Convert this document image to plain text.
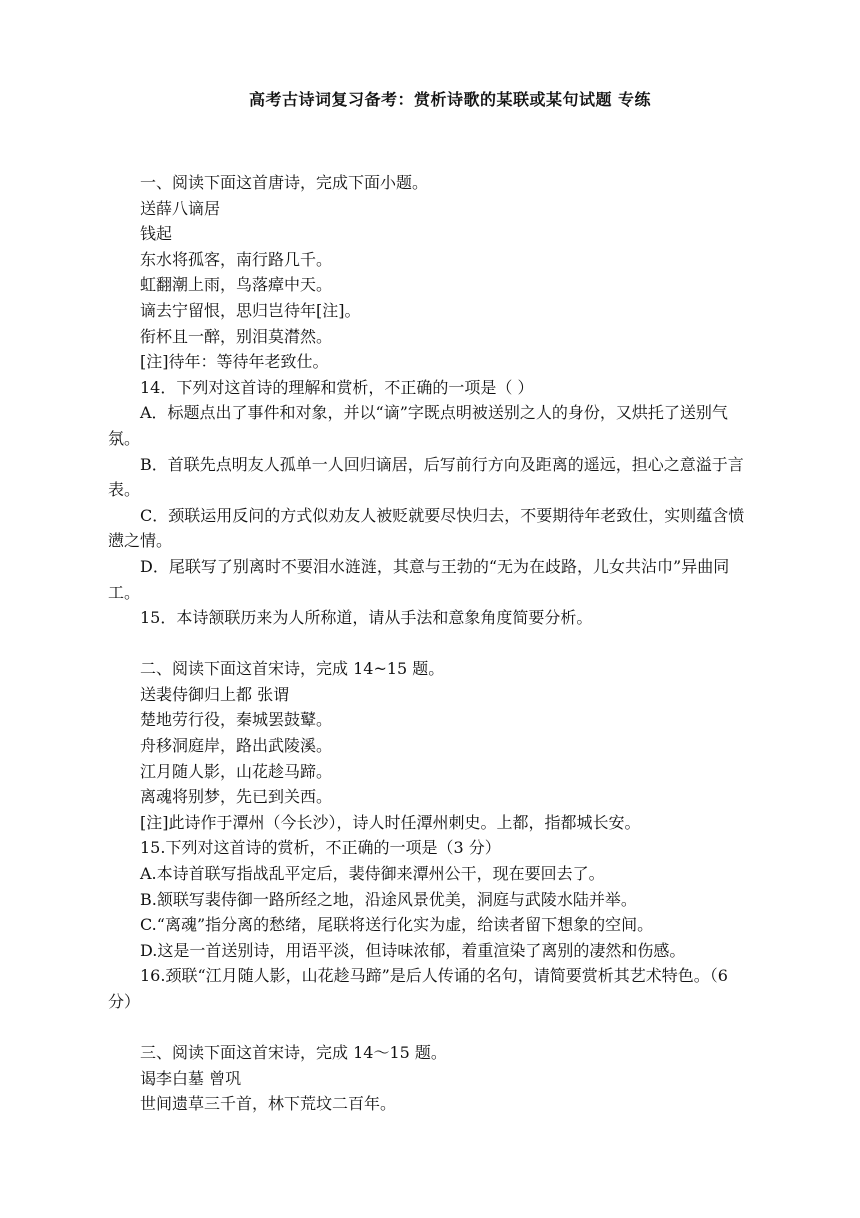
高考古诗词复习备考：赏析诗歌的某联或某句试题 专练

一、阅读下面这首唐诗，完成下面小题。

送薛八谪居

钱起

东水将孤客，南行路几千。

虹翻潮上雨，鸟落瘴中天。

谪去宁留恨，思归岂待年[注]。

衔杯且一醉，别泪莫潸然。

[注]待年：等待年老致仕。

14．下列对这首诗的理解和赏析，不正确的一项是（ ）

A．标题点出了事件和对象，并以“谪”字既点明被送别之人的身份，又烘托了送别气氛。

B．首联先点明友人孤单一人回归谪居，后写前行方向及距离的遥远，担心之意溢于言表。

C．颈联运用反问的方式似劝友人被贬就要尽快归去，不要期待年老致仕，实则蕴含愤懑之情。

D．尾联写了别离时不要泪水涟涟，其意与王勃的“无为在歧路，儿女共沾巾”异曲同工。

15．本诗颔联历来为人所称道，请从手法和意象角度简要分析。

二、阅读下面这首宋诗，完成 14~15 题。

送裴侍御归上都 张谓

楚地劳行役，秦城罢鼓鼙。

舟移洞庭岸，路出武陵溪。

江月随人影，山花趁马蹄。

离魂将别梦，先已到关西。

[注]此诗作于潭州（今长沙），诗人时任潭州刺史。上都，指都城长安。

15.下列对这首诗的赏析，不正确的一项是（3 分）

A.本诗首联写指战乱平定后，裴侍御来潭州公干，现在要回去了。

B.颔联写裴侍御一路所经之地，沿途风景优美，洞庭与武陵水陆并举。

C.“离魂”指分离的愁绪，尾联将送行化实为虚，给读者留下想象的空间。

D.这是一首送别诗，用语平淡，但诗味浓郁，着重渲染了离别的凄然和伤感。

16.颈联“江月随人影，山花趁马蹄”是后人传诵的名句，请简要赏析其艺术特色。（6 分）

三、阅读下面这首宋诗，完成 14～15 题。

谒李白墓 曾巩

世间遗草三千首，林下荒坟二百年。
